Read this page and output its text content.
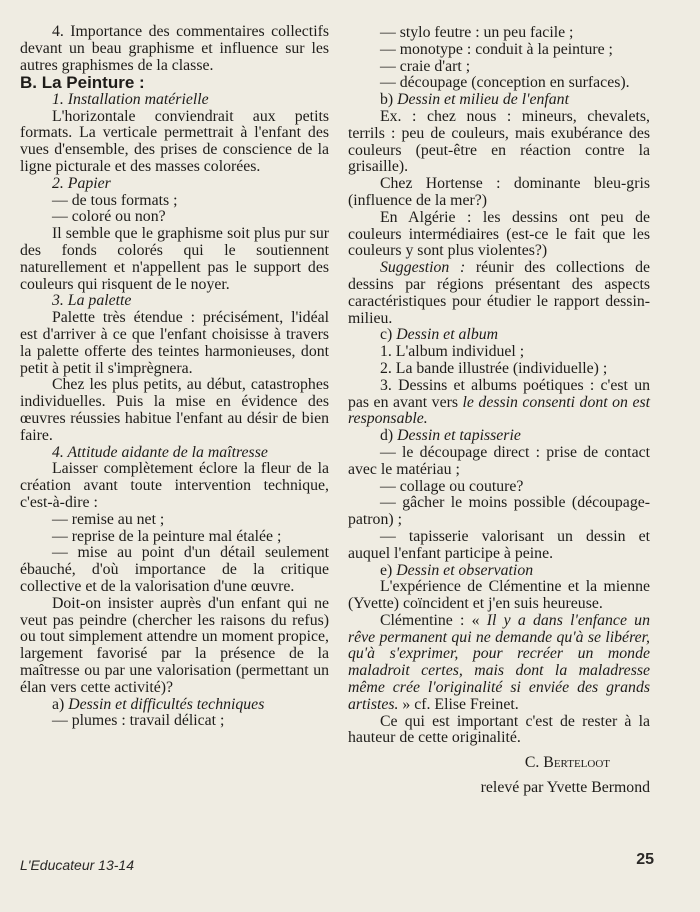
4. Importance des commentaires collectifs devant un beau graphisme et influence sur les autres graphismes de la classe.

B. La Peinture :

1. Installation matérielle

L'horizontale conviendrait aux petits formats. La verticale permettrait à l'enfant des vues d'ensemble, des prises de conscience de la ligne picturale et des masses colorées.

2. Papier

— de tous formats ;

— coloré ou non?

Il semble que le graphisme soit plus pur sur des fonds colorés qui le soutiennent naturellement et n'appellent pas le support des couleurs qui risquent de le noyer.

3. La palette

Palette très étendue : précisément, l'idéal est d'arriver à ce que l'enfant choisisse à travers la palette offerte des teintes harmonieuses, dont petit à petit il s'imprègnera.

Chez les plus petits, au début, catastrophes individuelles. Puis la mise en évidence des œuvres réussies habitue l'enfant au désir de bien faire.

4. Attitude aidante de la maîtresse

Laisser complètement éclore la fleur de la création avant toute intervention technique, c'est-à-dire :

— remise au net ;

— reprise de la peinture mal étalée ;

— mise au point d'un détail seulement ébauché, d'où importance de la critique collective et de la valorisation d'une œuvre.

Doit-on insister auprès d'un enfant qui ne veut pas peindre (chercher les raisons du refus) ou tout simplement attendre un moment propice, largement favorisé par la présence de la maîtresse ou par une valorisation (permettant un élan vers cette activité)?

a) Dessin et difficultés techniques

— plumes : travail délicat ;

— stylo feutre : un peu facile ;

— monotype : conduit à la peinture ;

— craie d'art ;

— découpage (conception en surfaces).

b) Dessin et milieu de l'enfant

Ex. : chez nous : mineurs, chevalets, terrils : peu de couleurs, mais exubérance des couleurs (peut-être en réaction contre la grisaille).

Chez Hortense : dominante bleu-gris (influence de la mer?)

En Algérie : les dessins ont peu de couleurs intermédiaires (est-ce le fait que les couleurs y sont plus violentes?)

Suggestion : réunir des collections de dessins par régions présentant des aspects caractéristiques pour étudier le rapport dessin-milieu.

c) Dessin et album

1. L'album individuel ;

2. La bande illustrée (individuelle) ;

3. Dessins et albums poétiques : c'est un pas en avant vers le dessin consenti dont on est responsable.

d) Dessin et tapisserie

— le découpage direct : prise de contact avec le matériau ;

— collage ou couture?

— gâcher le moins possible (découpage-patron) ;

— tapisserie valorisant un dessin et auquel l'enfant participe à peine.

e) Dessin et observation

L'expérience de Clémentine et la mienne (Yvette) coïncident et j'en suis heureuse.

Clémentine : « Il y a dans l'enfance un rêve permanent qui ne demande qu'à se libérer, qu'à s'exprimer, pour recréer un monde maladroit certes, mais dont la maladresse même crée l'originalité si enviée des grands artistes. » cf. Elise Freinet.

Ce qui est important c'est de rester à la hauteur de cette originalité.

C. Berteloot

relevé par Yvette Bermond

L'Educateur 13-14	25
